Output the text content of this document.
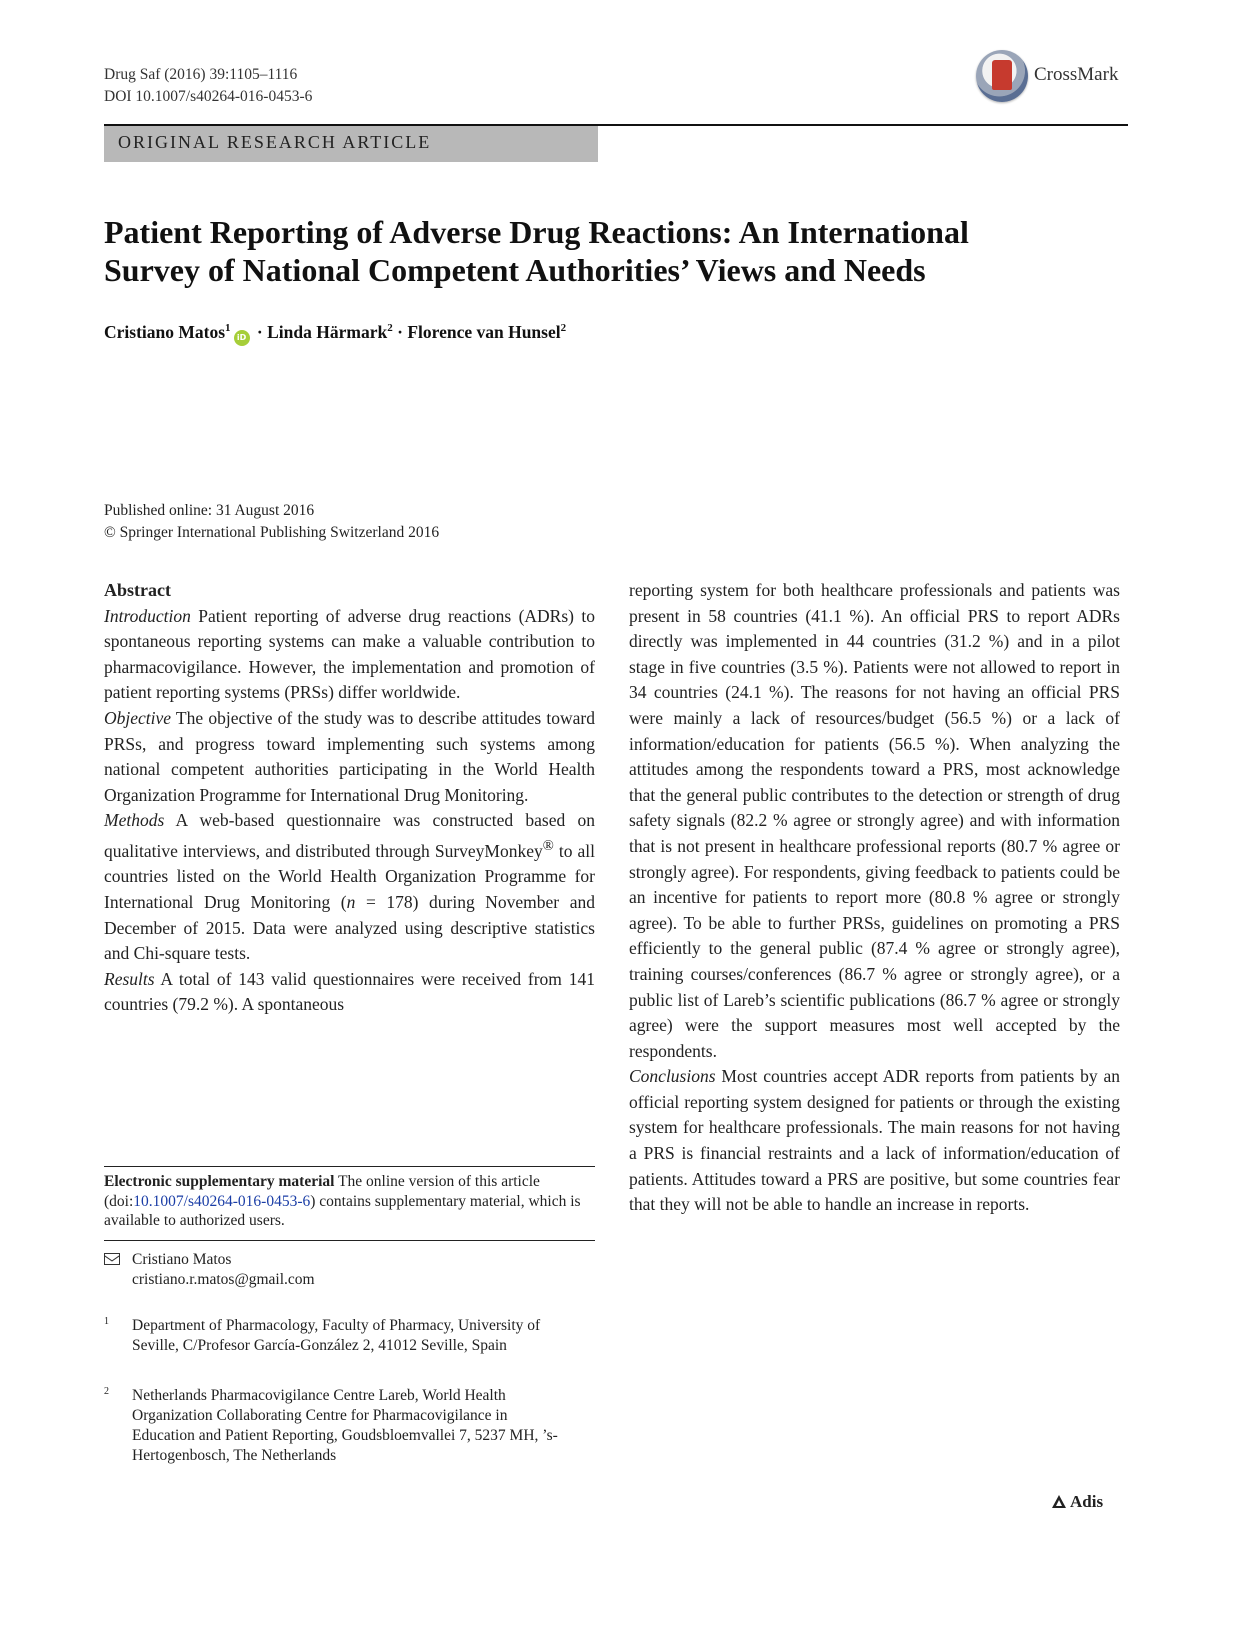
Drug Saf (2016) 39:1105–1116
DOI 10.1007/s40264-016-0453-6
CrossMark
ORIGINAL RESEARCH ARTICLE
Patient Reporting of Adverse Drug Reactions: An International
Survey of National Competent Authorities’ Views and Needs
Cristiano Matos$^1$iD · Linda Härmark$^2$ · Florence van Hunsel$^2$
Published online: 31 August 2016
© Springer International Publishing Switzerland 2016

Abstract

Introduction Patient reporting of adverse drug reactions (ADRs) to spontaneous reporting systems can make a valuable contribution to pharmacovigilance. However, the implementation and promotion of patient reporting systems (PRSs) differ worldwide.

Objective The objective of the study was to describe attitudes toward PRSs, and progress toward implementing such systems among national competent authorities participating in the World Health Organization Programme for International Drug Monitoring.

Methods A web-based questionnaire was constructed based on qualitative interviews, and distributed through SurveyMonkey® to all countries listed on the World Health Organization Programme for International Drug Monitoring (n = 178) during November and December of 2015. Data were analyzed using descriptive statistics and Chi-square tests.

Results A total of 143 valid questionnaires were received from 141 countries (79.2 %). A spontaneous

reporting system for both healthcare professionals and patients was present in 58 countries (41.1 %). An official PRS to report ADRs directly was implemented in 44 countries (31.2 %) and in a pilot stage in five countries (3.5 %). Patients were not allowed to report in 34 countries (24.1 %). The reasons for not having an official PRS were mainly a lack of resources/budget (56.5 %) or a lack of information/education for patients (56.5 %). When analyzing the attitudes among the respondents toward a PRS, most acknowledge that the general public contributes to the detection or strength of drug safety signals (82.2 % agree or strongly agree) and with information that is not present in healthcare professional reports (80.7 % agree or strongly agree). For respondents, giving feedback to patients could be an incentive for patients to report more (80.8 % agree or strongly agree). To be able to further PRSs, guidelines on promoting a PRS efficiently to the general public (87.4 % agree or strongly agree), training courses/conferences (86.7 % agree or strongly agree), or a public list of Lareb’s scientific publications (86.7 % agree or strongly agree) were the support measures most well accepted by the respondents.

Conclusions Most countries accept ADR reports from patients by an official reporting system designed for patients or through the existing system for healthcare professionals. The main reasons for not having a PRS is financial restraints and a lack of information/education of patients. Attitudes toward a PRS are positive, but some countries fear that they will not be able to handle an increase in reports.

Electronic supplementary material The online version of this article (doi:10.1007/s40264-016-0453-6) contains supplementary material, which is available to authorized users.
Cristiano Matos
cristiano.r.matos@gmail.com
1 Department of Pharmacology, Faculty of Pharmacy, University of Seville, C/Profesor García-González 2, 41012 Seville, Spain
2 Netherlands Pharmacovigilance Centre Lareb, World Health Organization Collaborating Centre for Pharmacovigilance in Education and Patient Reporting, Goudsbloemvallei 7, 5237 MH, ’s-Hertogenbosch, The Netherlands
Adis
